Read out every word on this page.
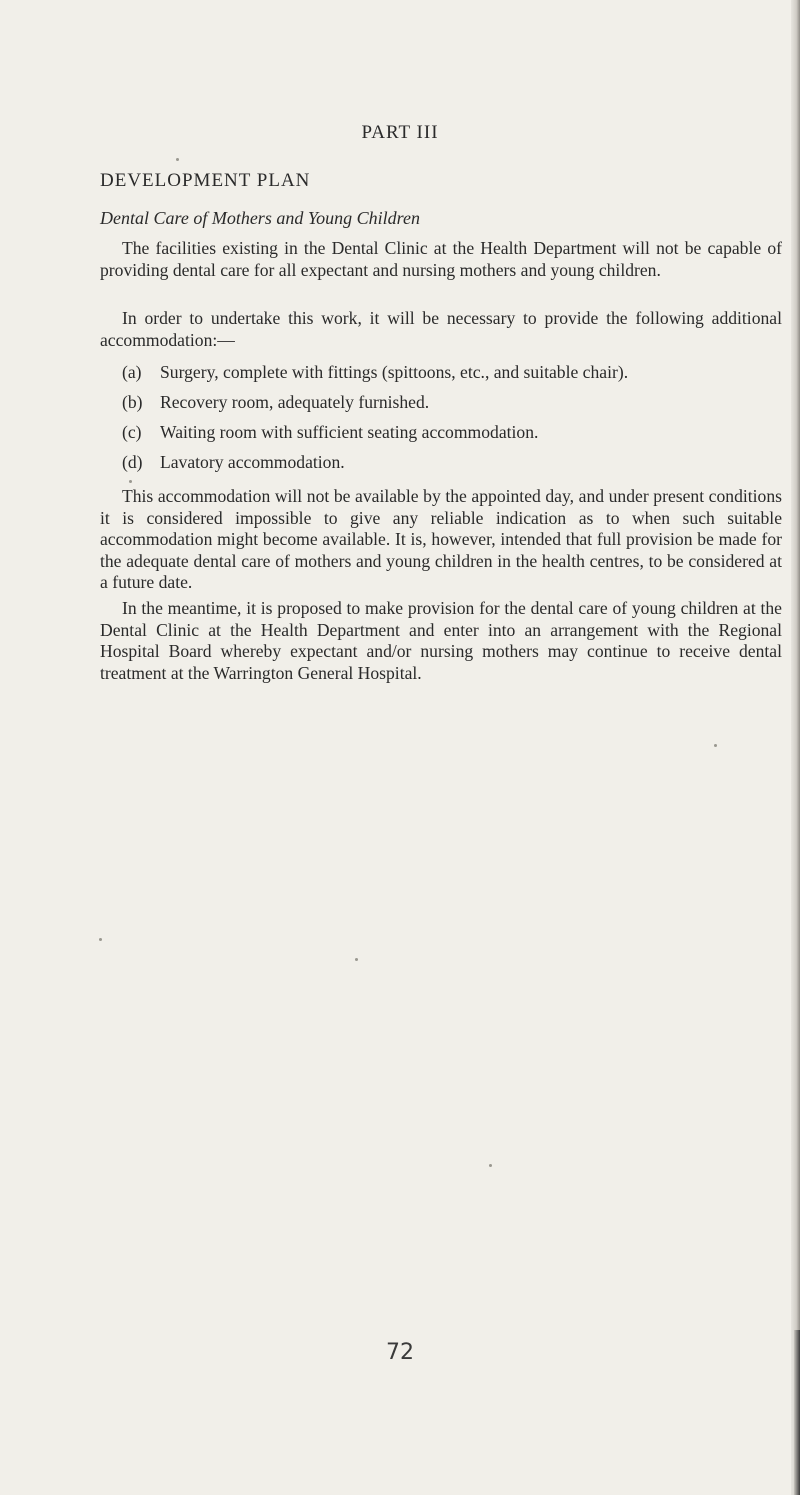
PART III
DEVELOPMENT PLAN
Dental Care of Mothers and Young Children

The facilities existing in the Dental Clinic at the Health Department will not be capable of providing dental care for all expectant and nursing mothers and young children.

In order to undertake this work, it will be necessary to provide the following additional accommodation:—

(a) Surgery, complete with fittings (spittoons, etc., and suitable chair).
(b) Recovery room, adequately furnished.
(c) Waiting room with sufficient seating accommodation.
(d) Lavatory accommodation.

This accommodation will not be available by the appointed day, and under present conditions it is considered impossible to give any reliable indication as to when such suitable accommodation might become available. It is, however, intended that full provision be made for the adequate dental care of mothers and young children in the health centres, to be considered at a future date.

In the meantime, it is proposed to make provision for the dental care of young children at the Dental Clinic at the Health Department and enter into an arrangement with the Regional Hospital Board whereby expectant and/or nursing mothers may continue to receive dental treatment at the Warrington General Hospital.

72
